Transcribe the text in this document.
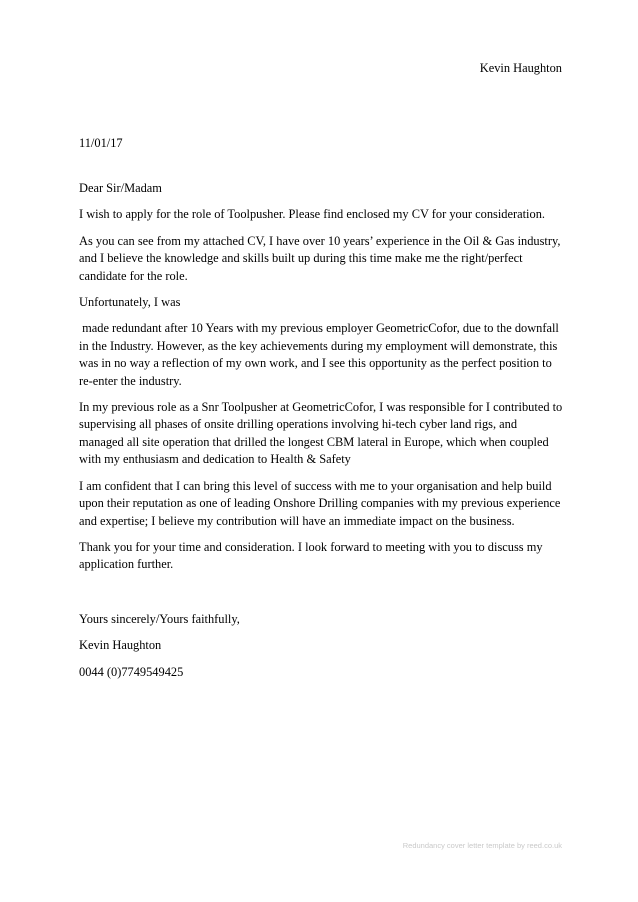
Kevin Haughton
11/01/17

Dear Sir/Madam

I wish to apply for the role of Toolpusher. Please find enclosed my CV for your consideration.

As you can see from my attached CV, I have over 10 years’ experience in the Oil & Gas industry, and I believe the knowledge and skills built up during this time make me the right/perfect candidate for the role.

Unfortunately, I was

made redundant after 10 Years with my previous employer GeometricCofor, due to the downfall in the Industry. However, as the key achievements during my employment will demonstrate, this was in no way a reflection of my own work, and I see this opportunity as the perfect position to re-enter the industry.

In my previous role as a Snr Toolpusher at GeometricCofor, I was responsible for I contributed to supervising all phases of onsite drilling operations involving hi-tech cyber land rigs, and managed all site operation that drilled the longest CBM lateral in Europe, which when coupled with my enthusiasm and dedication to Health & Safety

I am confident that I can bring this level of success with me to your organisation and help build upon their reputation as one of leading Onshore Drilling companies with my previous experience and expertise; I believe my contribution will have an immediate impact on the business.

Thank you for your time and consideration. I look forward to meeting with you to discuss my application further.

Yours sincerely/Yours faithfully,

Kevin Haughton

0044 (0)7749549425

Redundancy cover letter template by reed.co.uk
